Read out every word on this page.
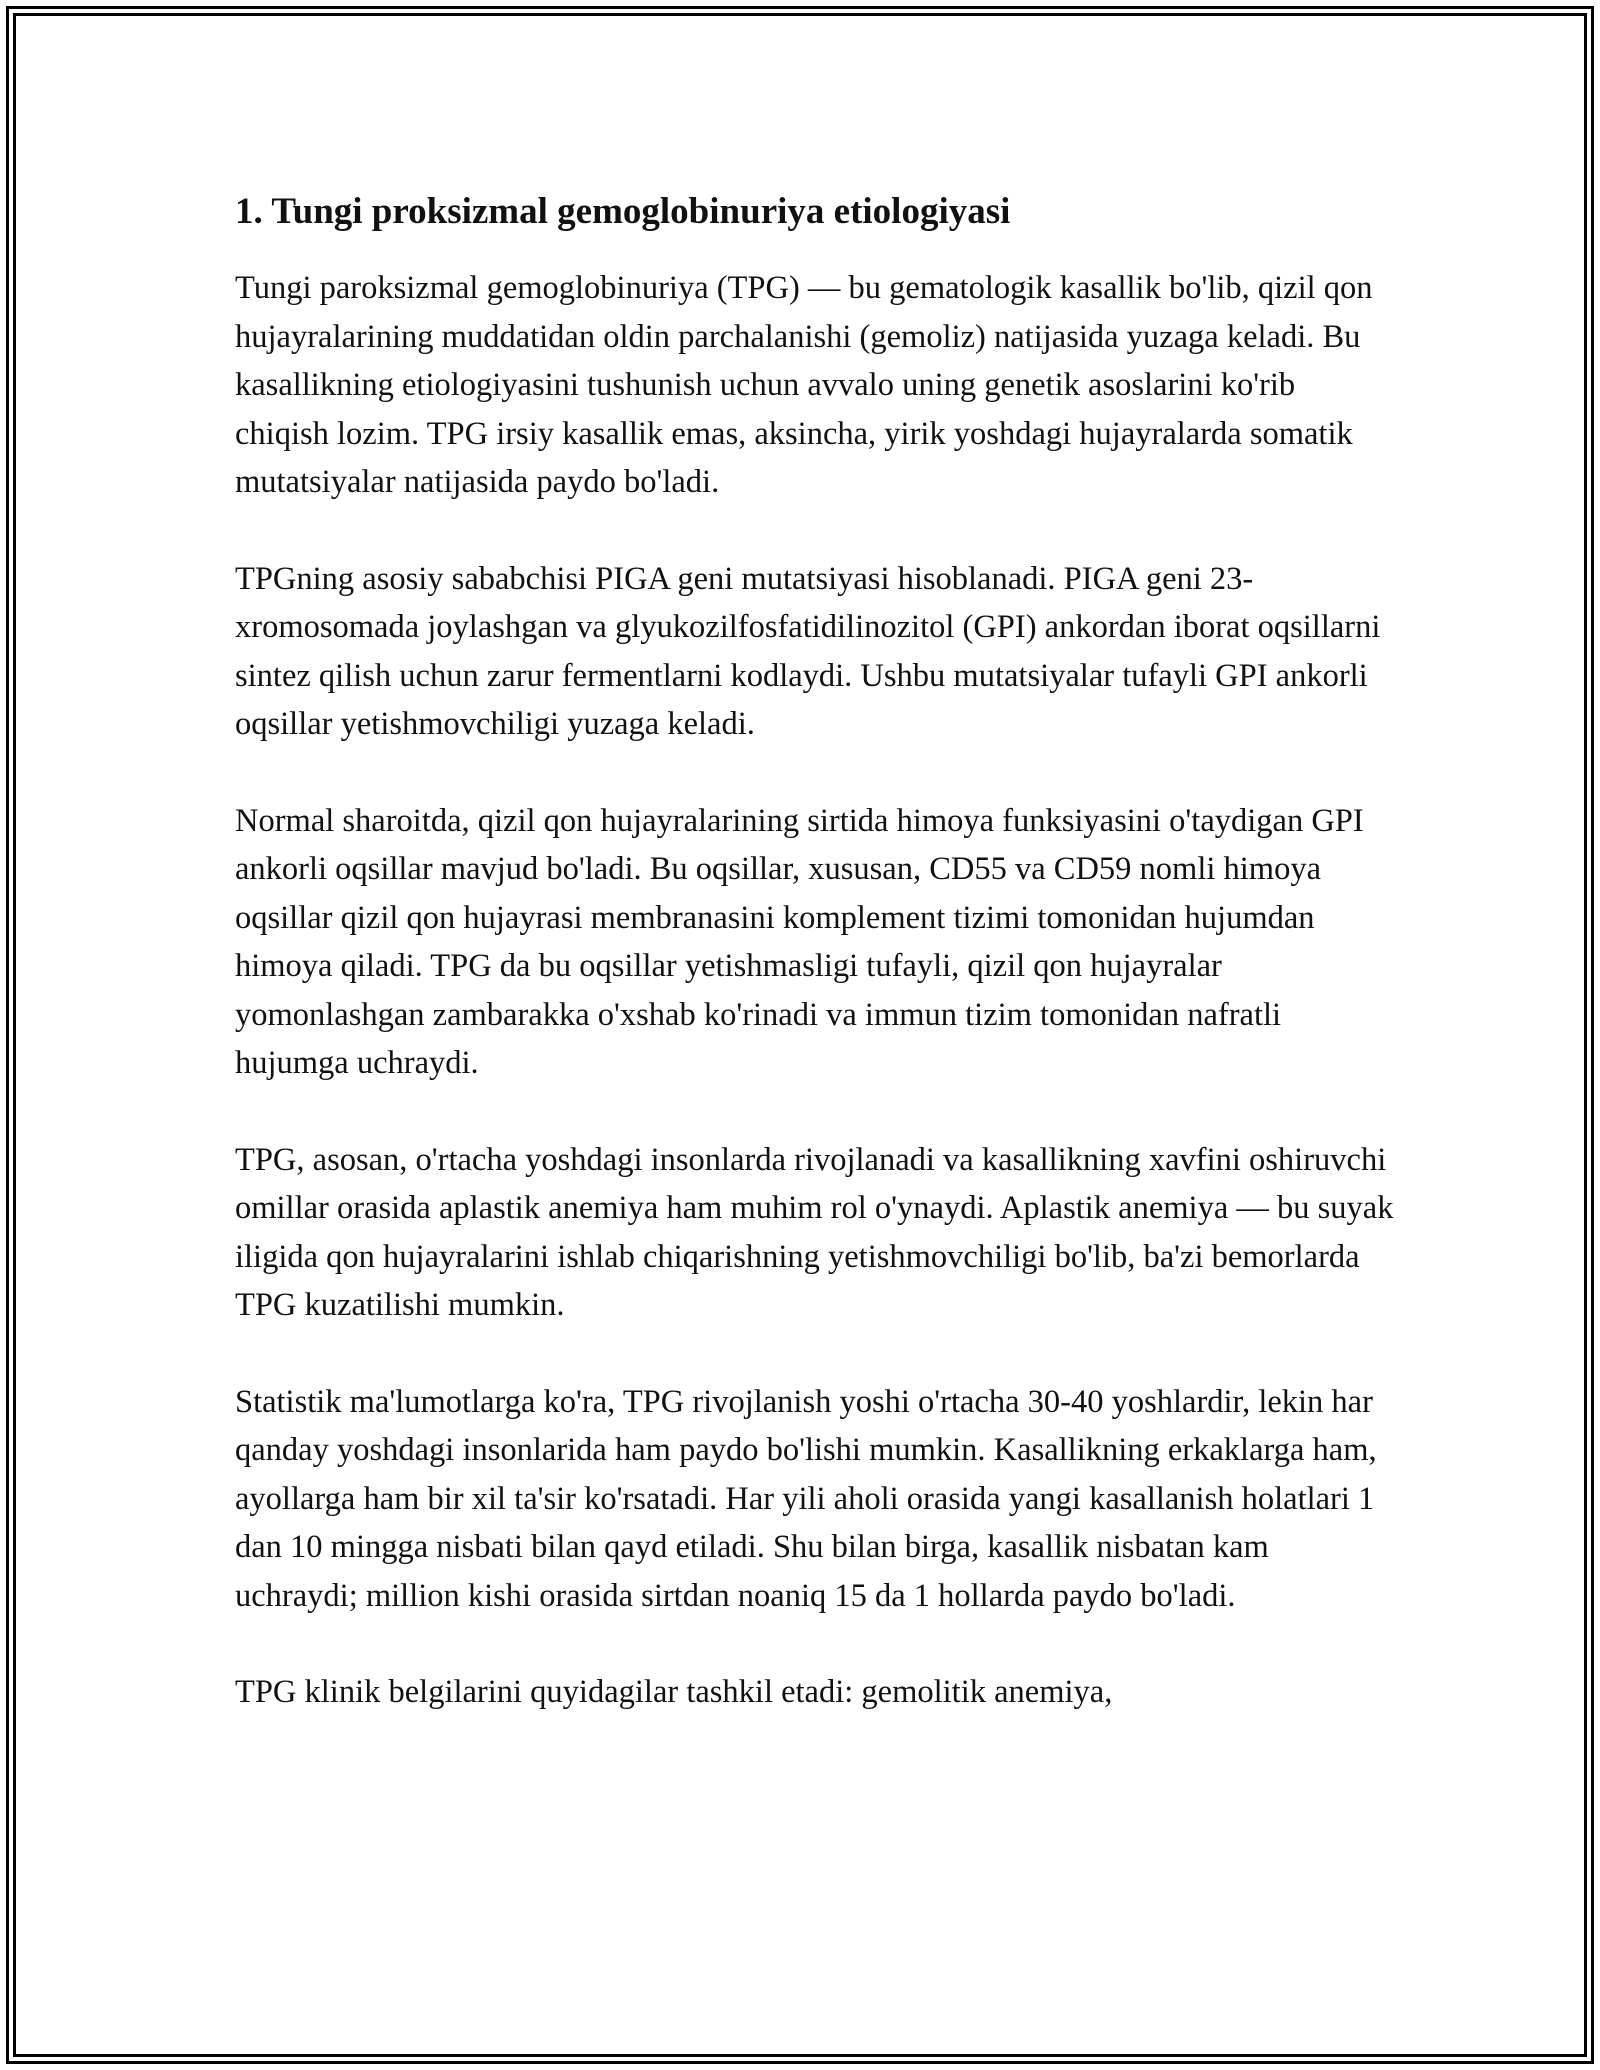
1. Tungi proksizmal gemoglobinuriya etiologiyasi

Tungi paroksizmal gemoglobinuriya (TPG) — bu gematologik kasallik bo'lib, qizil qon hujayralarining muddatidan oldin parchalanishi (gemoliz) natijasida yuzaga keladi. Bu kasallikning etiologiyasini tushunish uchun avvalo uning genetik asoslarini ko'rib chiqish lozim. TPG irsiy kasallik emas, aksincha, yirik yoshdagi hujayralarda somatik mutatsiyalar natijasida paydo bo'ladi.

TPGning asosiy sababchisi PIGA geni mutatsiyasi hisoblanadi. PIGA geni 23-xromosomada joylashgan va glyukozilfosfatidilinozitol (GPI) ankordan iborat oqsillarni sintez qilish uchun zarur fermentlarni kodlaydi. Ushbu mutatsiyalar tufayli GPI ankorli oqsillar yetishmovchiligi yuzaga keladi.

Normal sharoitda, qizil qon hujayralarining sirtida himoya funksiyasini o'taydigan GPI ankorli oqsillar mavjud bo'ladi. Bu oqsillar, xususan, CD55 va CD59 nomli himoya oqsillar qizil qon hujayrasi membranasini komplement tizimi tomonidan hujumdan himoya qiladi. TPG da bu oqsillar yetishmasligi tufayli, qizil qon hujayralar yomonlashgan zambarakka o'xshab ko'rinadi va immun tizim tomonidan nafratli hujumga uchraydi.

TPG, asosan, o'rtacha yoshdagi insonlarda rivojlanadi va kasallikning xavfini oshiruvchi omillar orasida aplastik anemiya ham muhim rol o'ynaydi. Aplastik anemiya — bu suyak iligida qon hujayralarini ishlab chiqarishning yetishmovchiligi bo'lib, ba'zi bemorlarda TPG kuzatilishi mumkin.

Statistik ma'lumotlarga ko'ra, TPG rivojlanish yoshi o'rtacha 30-40 yoshlardir, lekin har qanday yoshdagi insonlarida ham paydo bo'lishi mumkin. Kasallikning erkaklarga ham, ayollarga ham bir xil ta'sir ko'rsatadi. Har yili aholi orasida yangi kasallanish holatlari 1 dan 10 mingga nisbati bilan qayd etiladi. Shu bilan birga, kasallik nisbatan kam uchraydi; million kishi orasida sirtdan noaniq 15 da 1 hollarda paydo bo'ladi.

TPG klinik belgilarini quyidagilar tashkil etadi: gemolitik anemiya,
